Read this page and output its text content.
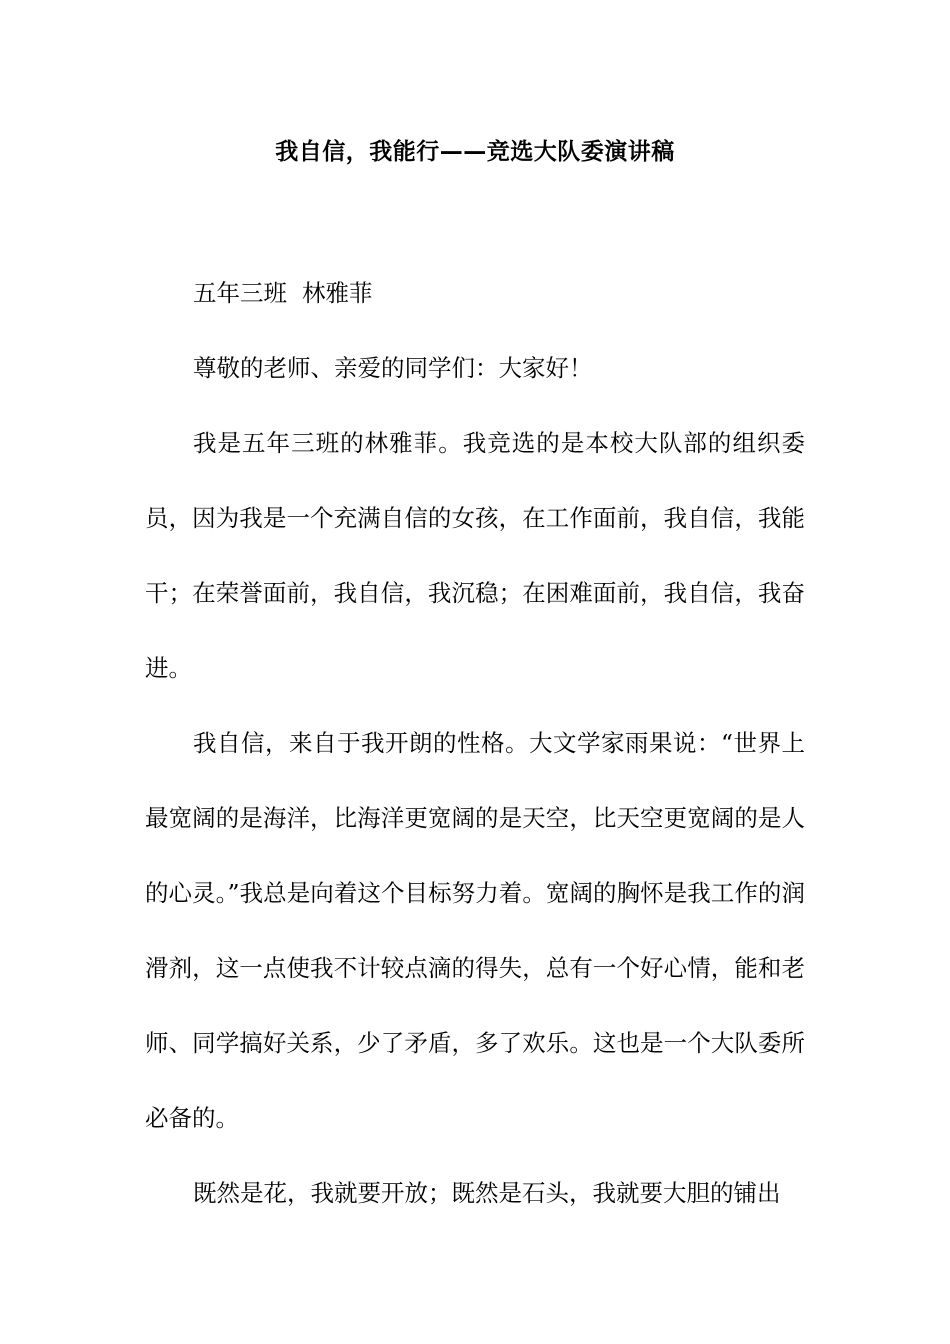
我自信，我能行——竞选大队委演讲稿

五年三班  林雅菲

尊敬的老师、亲爱的同学们：大家好！

我是五年三班的林雅菲。我竞选的是本校大队部的组织委员，因为我是一个充满自信的女孩，在工作面前，我自信，我能干；在荣誉面前，我自信，我沉稳；在困难面前，我自信，我奋进。

我自信，来自于我开朗的性格。大文学家雨果说：“世界上最宽阔的是海洋，比海洋更宽阔的是天空，比天空更宽阔的是人的心灵。”我总是向着这个目标努力着。宽阔的胸怀是我工作的润滑剂，这一点使我不计较点滴的得失，总有一个好心情，能和老师、同学搞好关系，少了矛盾，多了欢乐。这也是一个大队委所必备的。

既然是花，我就要开放；既然是石头，我就要大胆的铺出
